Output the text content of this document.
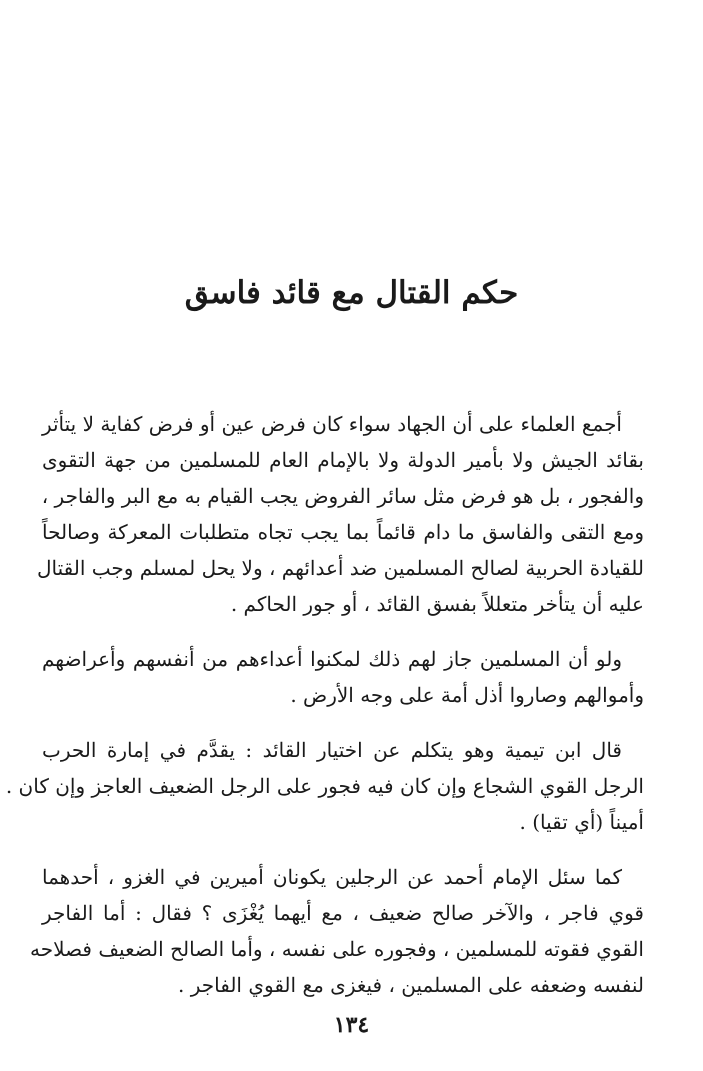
حكم القتال مع قائد فاسق
أجمع العلماء على أن الجهاد سواء كان فرض عين أو فرض كفاية لا يتأثر
بقائد الجيش ولا بأمير الدولة ولا بالإمام العام للمسلمين من جهة التقوى
والفجور ، بل هو فرض مثل سائر الفروض يجب القيام به مع البر والفاجر ،
ومع التقى والفاسق ما دام قائماً بما يجب تجاه متطلبات المعركة وصالحاً
للقيادة الحربية لصالح المسلمين ضد أعدائهم ، ولا يحل لمسلم وجب القتال
عليه أن يتأخر متعللاً بفسق القائد ، أو جور الحاكم .
ولو أن المسلمين جاز لهم ذلك لمكنوا أعداءهم من أنفسهم وأعراضهم
وأموالهم وصاروا أذل أمة على وجه الأرض .
قال ابن تيمية وهو يتكلم عن اختيار القائد : يقدَّم في إمارة الحرب
الرجل القوي الشجاع وإن كان فيه فجور على الرجل الضعيف العاجز وإن كان .
أميناً (أي تقيا) .
كما سئل الإمام أحمد عن الرجلين يكونان أميرين في الغزو ، أحدهما
قوي فاجر ، والآخر صالح ضعيف ، مع أيهما يُغْزَى ؟ فقال : أما الفاجر
القوي فقوته للمسلمين ، وفجوره على نفسه ، وأما الصالح الضعيف فصلاحه
لنفسه وضعفه على المسلمين ، فيغزى مع القوي الفاجر .
١٣٤
